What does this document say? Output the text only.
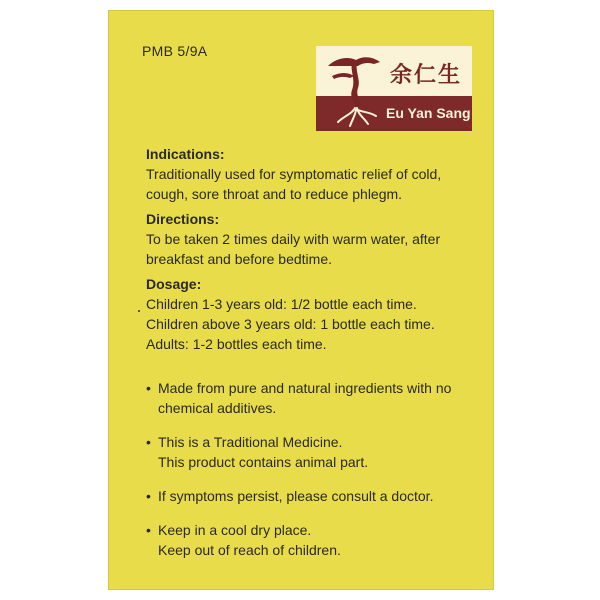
PMB 5/9A
余仁生
Eu Yan Sang

Indications:

Traditionally used for symptomatic relief of cold,

cough, sore throat and to reduce phlegm.

Directions:

To be taken 2 times daily with warm water, after

breakfast and before bedtime.

Dosage:

Children 1-3 years old: 1/2 bottle each time.

Children above 3 years old: 1 bottle each time.

Adults: 1-2 bottles each time.

• Made from pure and natural ingredients with no
chemical additives.
• This is a Traditional Medicine.
This product contains animal part.
• If symptoms persist, please consult a doctor.
• Keep in a cool dry place.
Keep out of reach of children.
